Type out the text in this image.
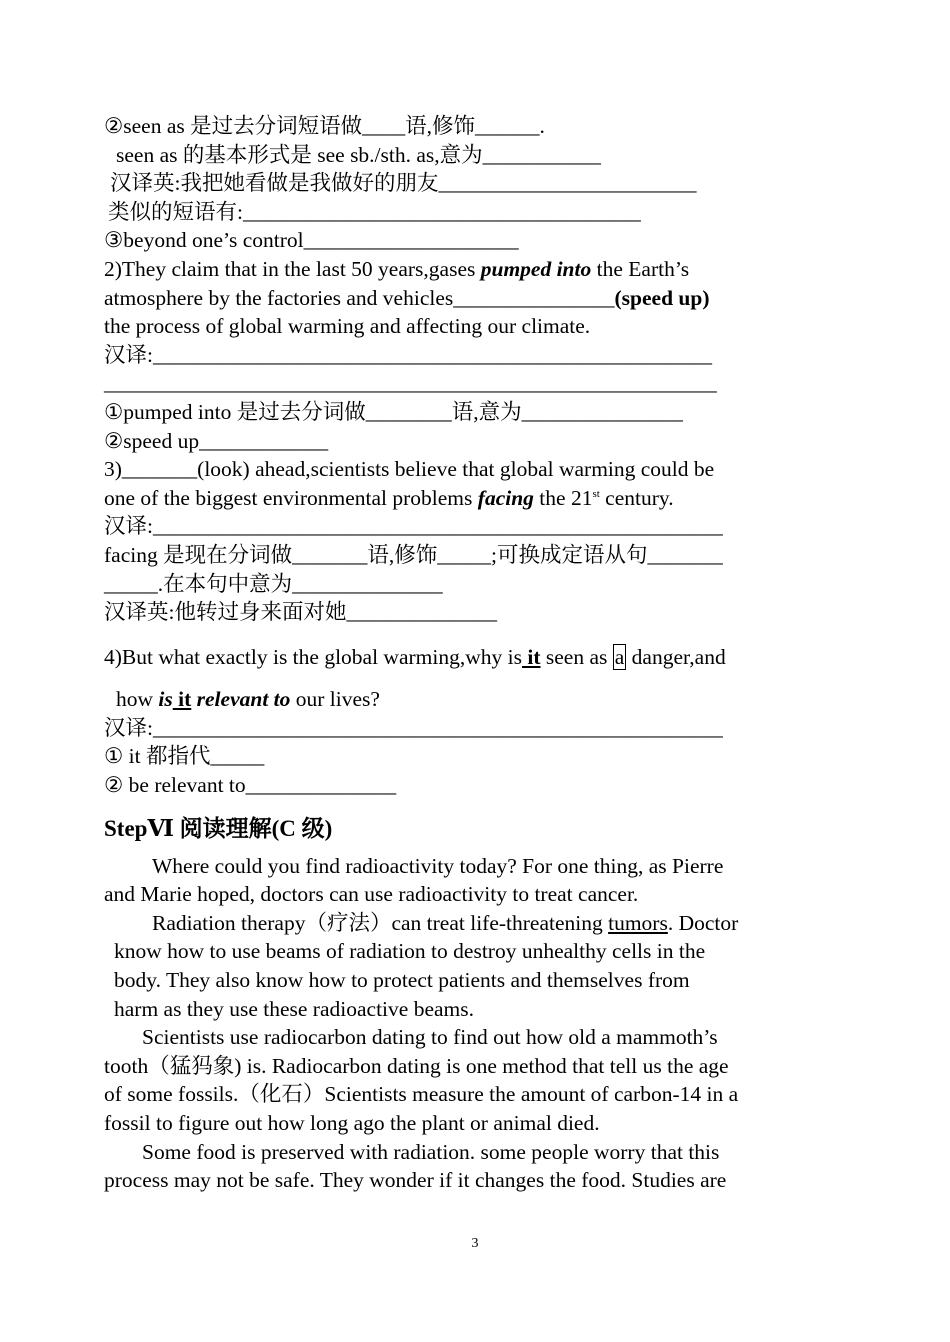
②seen as 是过去分词短语做____语,修饰______.
seen as 的基本形式是 see sb./sth. as,意为___________
汉译英:我把她看做是我做好的朋友________________________
类似的短语有:_____________________________________
③beyond one’s control____________________
2)They claim that in the last 50 years,gases pumped into the Earth’s
atmosphere by the factories and vehicles_______________(speed up)
the process of global warming and affecting our climate.
汉译:____________________________________________________
_________________________________________________________
①pumped into 是过去分词做________语,意为_______________
②speed up____________
3)_______(look) ahead,scientists believe that global warming could be
one of the biggest environmental problems facing the 21st century.
汉译:_____________________________________________________
facing 是现在分词做_______语,修饰_____;可换成定语从句_______
_____.在本句中意为______________
汉译英:他转过身来面对她______________
4)But what exactly is the global warming,why is it seen as a danger,and
how is it relevant to our lives?
汉译:_____________________________________________________
① it 都指代_____
② be relevant to______________
StepⅥ 阅读理解(C 级)
Where could you find radioactivity today? For one thing, as Pierre
and Marie hoped, doctors can use radioactivity to treat cancer.
Radiation therapy（疗法）can treat life-threatening tumors. Doctor
know how to use beams of radiation to destroy unhealthy cells in the
body. They also know how to protect patients and themselves from
harm as they use these radioactive beams.
Scientists use radiocarbon dating to find out how old a mammoth’s
tooth（猛犸象) is. Radiocarbon dating is one method that tell us the age
of some fossils.（化石）Scientists measure the amount of carbon-14 in a
fossil to figure out how long ago the plant or animal died.
Some food is preserved with radiation. some people worry that this
process may not be safe. They wonder if it changes the food. Studies are
3
